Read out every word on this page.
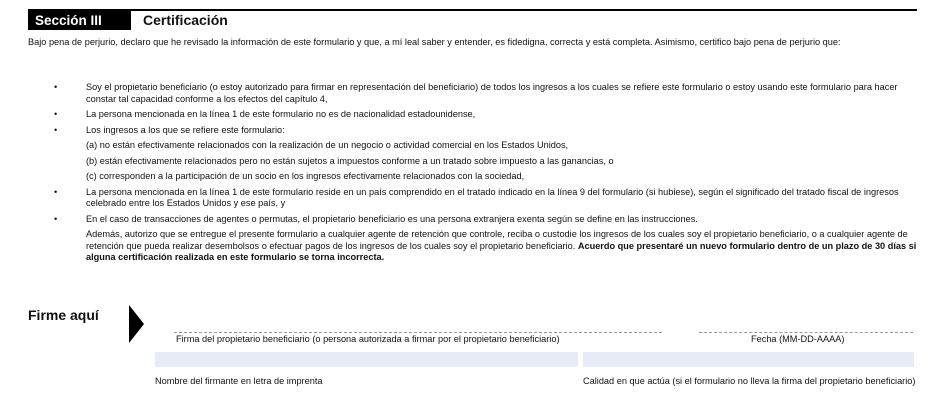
Sección III	Certificación
Bajo pena de perjurio, declaro que he revisado la información de este formulario y que, a mí leal saber y entender, es fidedigna, correcta y está completa. Asimismo, certifico bajo pena de perjurio que:
•	Soy el propietario beneficiario (o estoy autorizado para firmar en representación del beneficiario) de todos los ingresos a los cuales se refiere este formulario o estoy usando este formulario para hacer constar tal capacidad conforme a los efectos del capítulo 4,
•	La persona mencionada en la línea 1 de este formulario no es de nacionalidad estadounidense,
•	Los ingresos a los que se refiere este formulario:
(a) no están efectivamente relacionados con la realización de un negocio o actividad comercial en los Estados Unidos,
(b) están efectivamente relacionados pero no están sujetos a impuestos conforme a un tratado sobre impuesto a las ganancias, o
(c) corresponden a la participación de un socio en los ingresos efectivamente relacionados con la sociedad,
•	La persona mencionada en la línea 1 de este formulario reside en un país comprendido en el tratado indicado en la línea 9 del formulario (si hubiese), según el significado del tratado fiscal de ingresos celebrado entre los Estados Unidos y ese país, y
•	En el caso de transacciones de agentes o permutas, el propietario beneficiario es una persona extranjera exenta según se define en las instrucciones.
Además, autorizo que se entregue el presente formulario a cualquier agente de retención que controle, reciba o custodie los ingresos de los cuales soy el propietario beneficiario, o a cualquier agente de retención que pueda realizar desembolsos o efectuar pagos de los ingresos de los cuales soy el propietario beneficiario. Acuerdo que presentaré un nuevo formulario dentro de un plazo de 30 días si alguna certificación realizada en este formulario se torna incorrecta.
Firme aquí
Firma del propietario beneficiario (o persona autorizada a firmar por el propietario beneficiario)	Fecha (MM-DD-AAAA)
Nombre del firmante en letra de imprenta	Calidad en que actúa (si el formulario no lleva la firma del propietario beneficiario)
